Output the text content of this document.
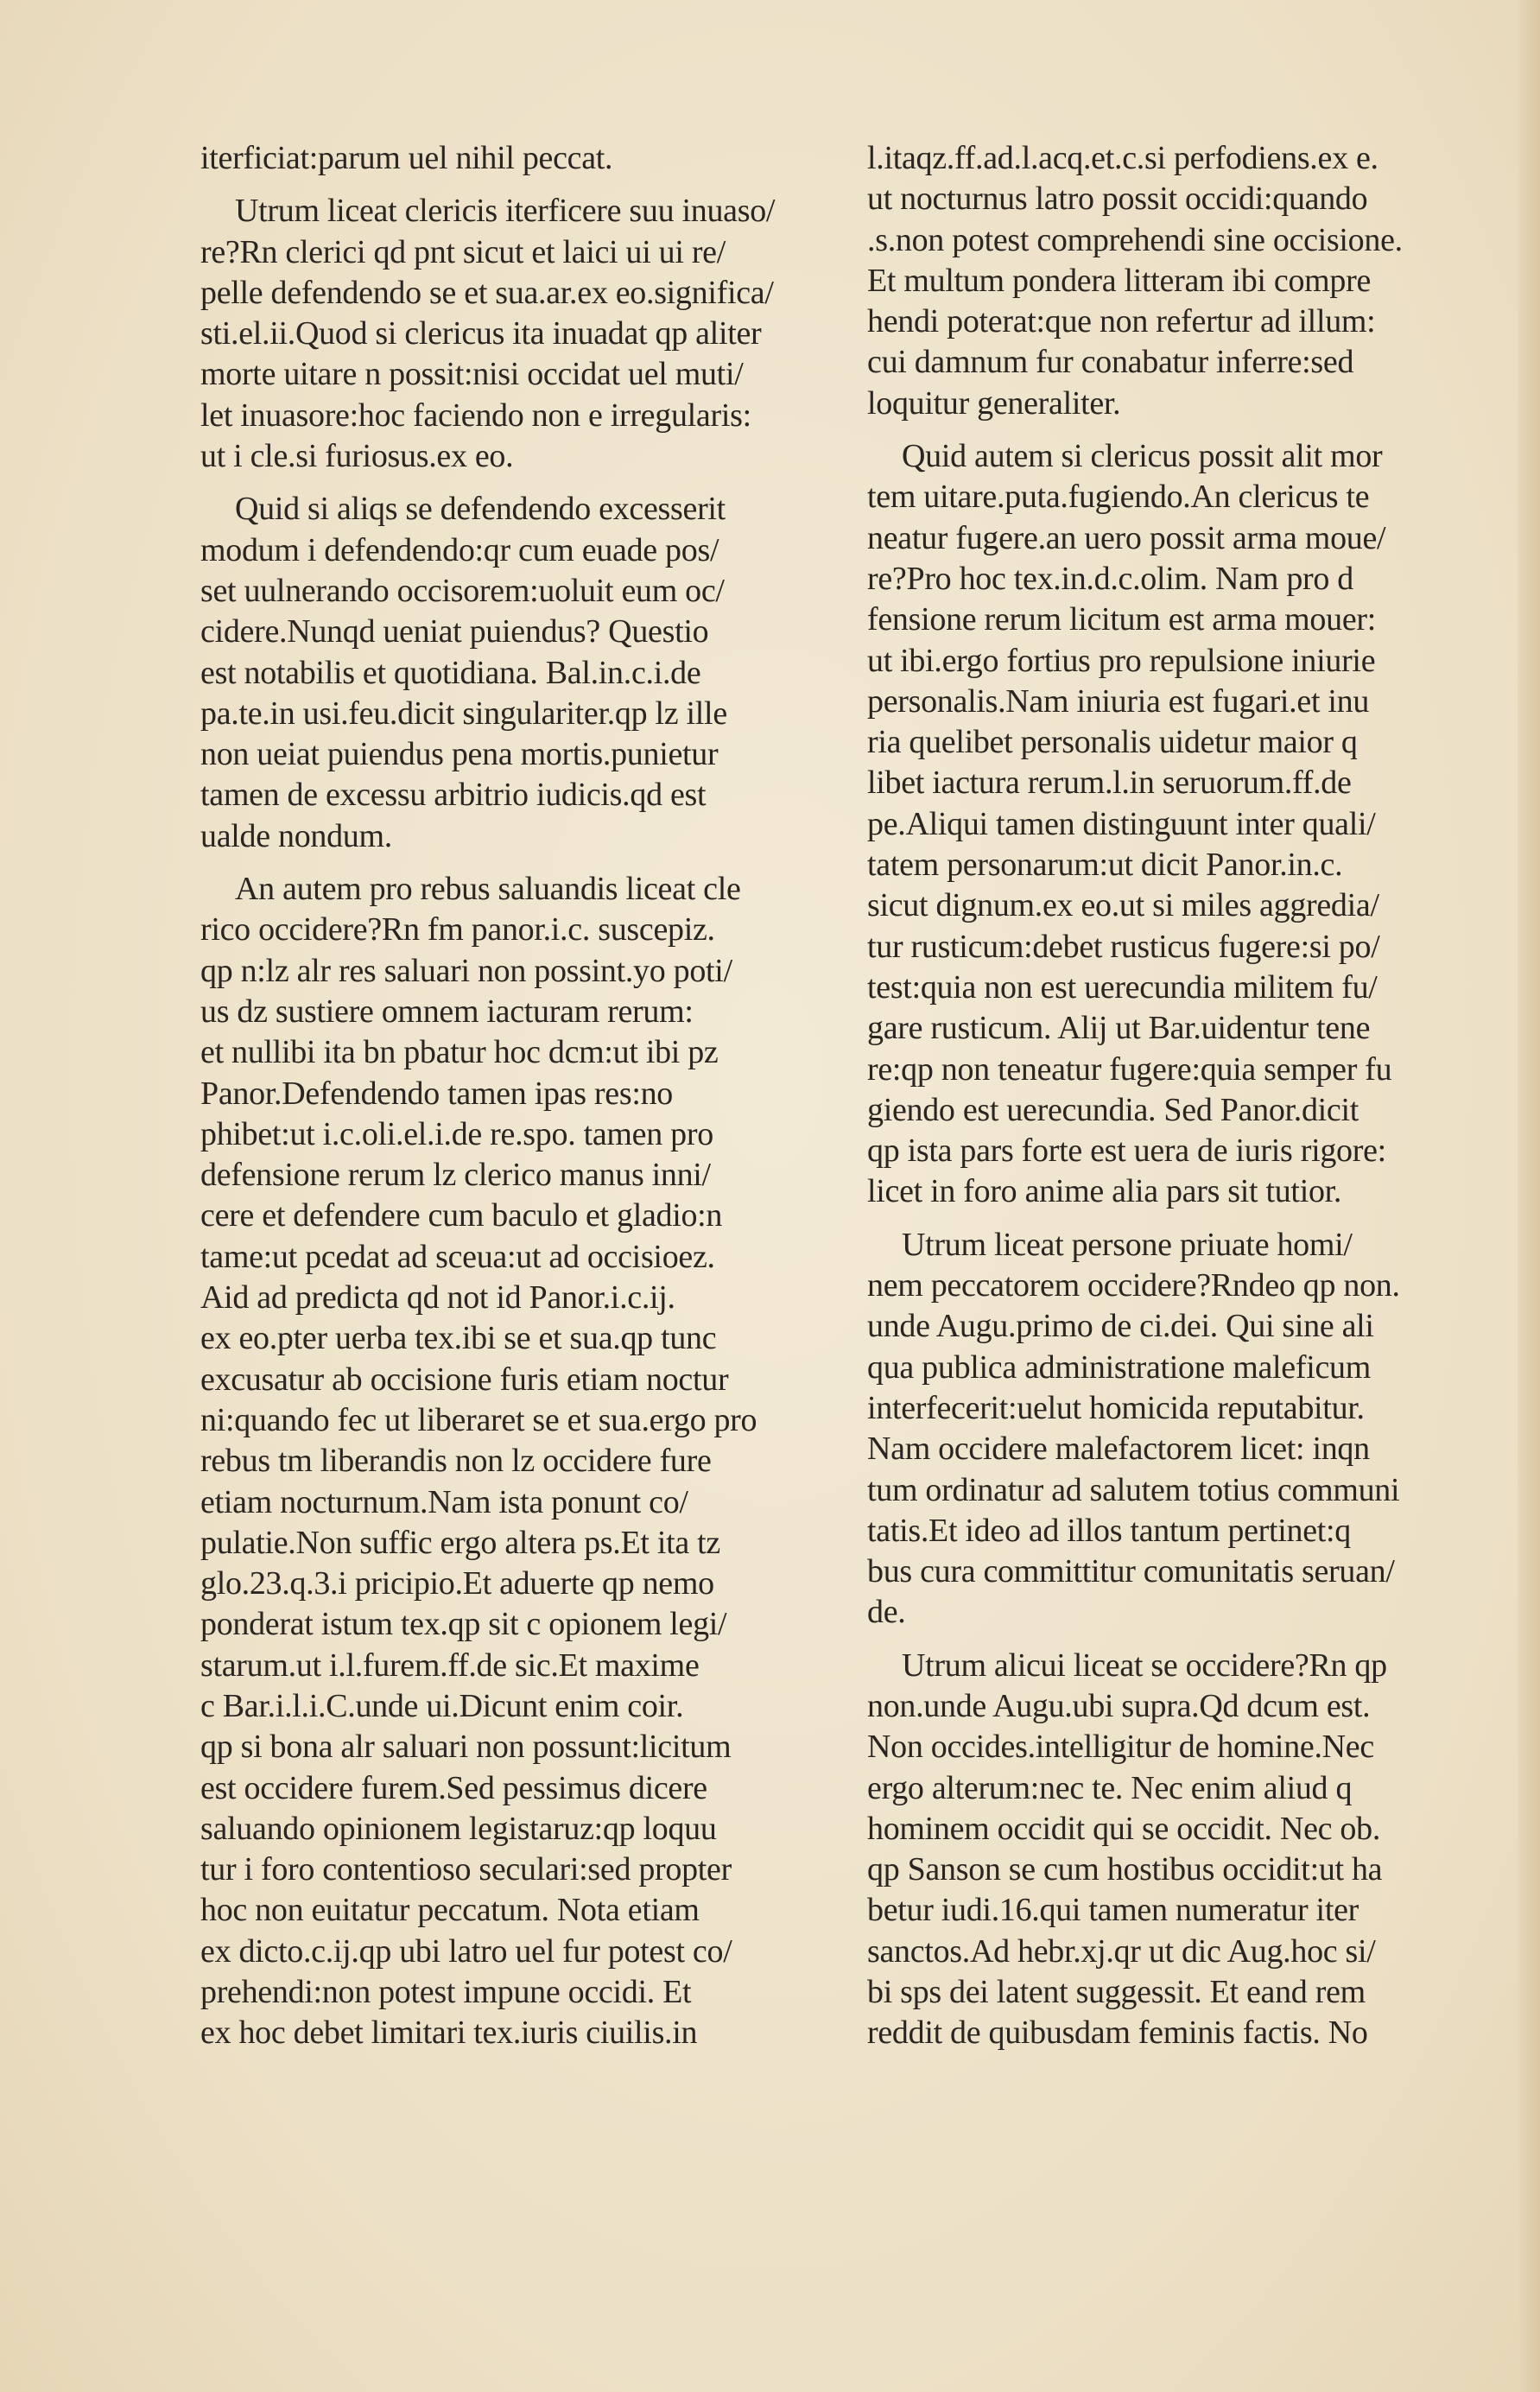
iterficiat:parum uel nihil peccat.
Utrum liceat clericis iterficere suu inuaso/
re?Rn clerici qd pnt sicut et laici ui ui re/
pelle defendendo se et sua.ar.ex eo.significa/
sti.el.ii.Quod si clericus ita inuadat qp aliter
morte uitare n possit:nisi occidat uel muti/
let inuasore:hoc faciendo non e irregularis:
ut i cle.si furiosus.ex eo.
Quid si aliqs se defendendo excesserit
modum i defendendo:qr cum euade pos/
set uulnerando occisorem:uoluit eum oc/
cidere.Nunqd ueniat puiendus? Questio
est notabilis et quotidiana. Bal.in.c.i.de
pa.te.in usi.feu.dicit singulariter.qp lz ille
non ueiat puiendus pena mortis.punietur
tamen de excessu arbitrio iudicis.qd est
ualde nondum.
An autem pro rebus saluandis liceat cle
rico occidere?Rn fm panor.i.c. suscepiz.
qp n:lz alr res saluari non possint.yo poti/
us dz sustiere omnem iacturam rerum:
et nullibi ita bn pbatur hoc dcm:ut ibi pz
Panor.Defendendo tamen ipas res:no
phibet:ut i.c.oli.el.i.de re.spo. tamen pro
defensione rerum lz clerico manus inni/
cere et defendere cum baculo et gladio:n
tame:ut pcedat ad sceua:ut ad occisioez.
Aid ad predicta qd not id Panor.i.c.ij.
ex eo.pter uerba tex.ibi se et sua.qp tunc
excusatur ab occisione furis etiam noctur
ni:quando fec ut liberaret se et sua.ergo pro
rebus tm liberandis non lz occidere fure
etiam nocturnum.Nam ista ponunt co/
pulatie.Non suffic ergo altera ps.Et ita tz
glo.23.q.3.i pricipio.Et aduerte qp nemo
ponderat istum tex.qp sit c opionem legi/
starum.ut i.l.furem.ff.de sic.Et maxime
c Bar.i.l.i.C.unde ui.Dicunt enim coir.
qp si bona alr saluari non possunt:licitum
est occidere furem.Sed pessimus dicere
saluando opinionem legistaruz:qp loquu
tur i foro contentioso seculari:sed propter
hoc non euitatur peccatum. Nota etiam
ex dicto.c.ij.qp ubi latro uel fur potest co/
prehendi:non potest impune occidi. Et
ex hoc debet limitari tex.iuris ciuilis.in
l.itaqz.ff.ad.l.acq.et.c.si perfodiens.ex e.
ut nocturnus latro possit occidi:quando
.s.non potest comprehendi sine occisione.
Et multum pondera litteram ibi compre
hendi poterat:que non refertur ad illum:
cui damnum fur conabatur inferre:sed
loquitur generaliter.
Quid autem si clericus possit alit mor
tem uitare.puta.fugiendo.An clericus te
neatur fugere.an uero possit arma moue/
re?Pro hoc tex.in.d.c.olim. Nam pro d
fensione rerum licitum est arma mouer:
ut ibi.ergo fortius pro repulsione iniurie
personalis.Nam iniuria est fugari.et inu
ria quelibet personalis uidetur maior q
libet iactura rerum.l.in seruorum.ff.de
pe.Aliqui tamen distinguunt inter quali/
tatem personarum:ut dicit Panor.in.c.
sicut dignum.ex eo.ut si miles aggredia/
tur rusticum:debet rusticus fugere:si po/
test:quia non est uerecundia militem fu/
gare rusticum. Alij ut Bar.uidentur tene
re:qp non teneatur fugere:quia semper fu
giendo est uerecundia. Sed Panor.dicit
qp ista pars forte est uera de iuris rigore:
licet in foro anime alia pars sit tutior.
Utrum liceat persone priuate homi/
nem peccatorem occidere?Rndeo qp non.
unde Augu.primo de ci.dei. Qui sine ali
qua publica administratione maleficum
interfecerit:uelut homicida reputabitur.
Nam occidere malefactorem licet: inqn
tum ordinatur ad salutem totius communi
tatis.Et ideo ad illos tantum pertinet:q
bus cura committitur comunitatis seruan/
de.
Utrum alicui liceat se occidere?Rn qp
non.unde Augu.ubi supra.Qd dcum est.
Non occides.intelligitur de homine.Nec
ergo alterum:nec te. Nec enim aliud q
hominem occidit qui se occidit. Nec ob.
qp Sanson se cum hostibus occidit:ut ha
betur iudi.16.qui tamen numeratur iter
sanctos.Ad hebr.xj.qr ut dic Aug.hoc si/
bi sps dei latent suggessit. Et eand rem
reddit de quibusdam feminis factis. No
